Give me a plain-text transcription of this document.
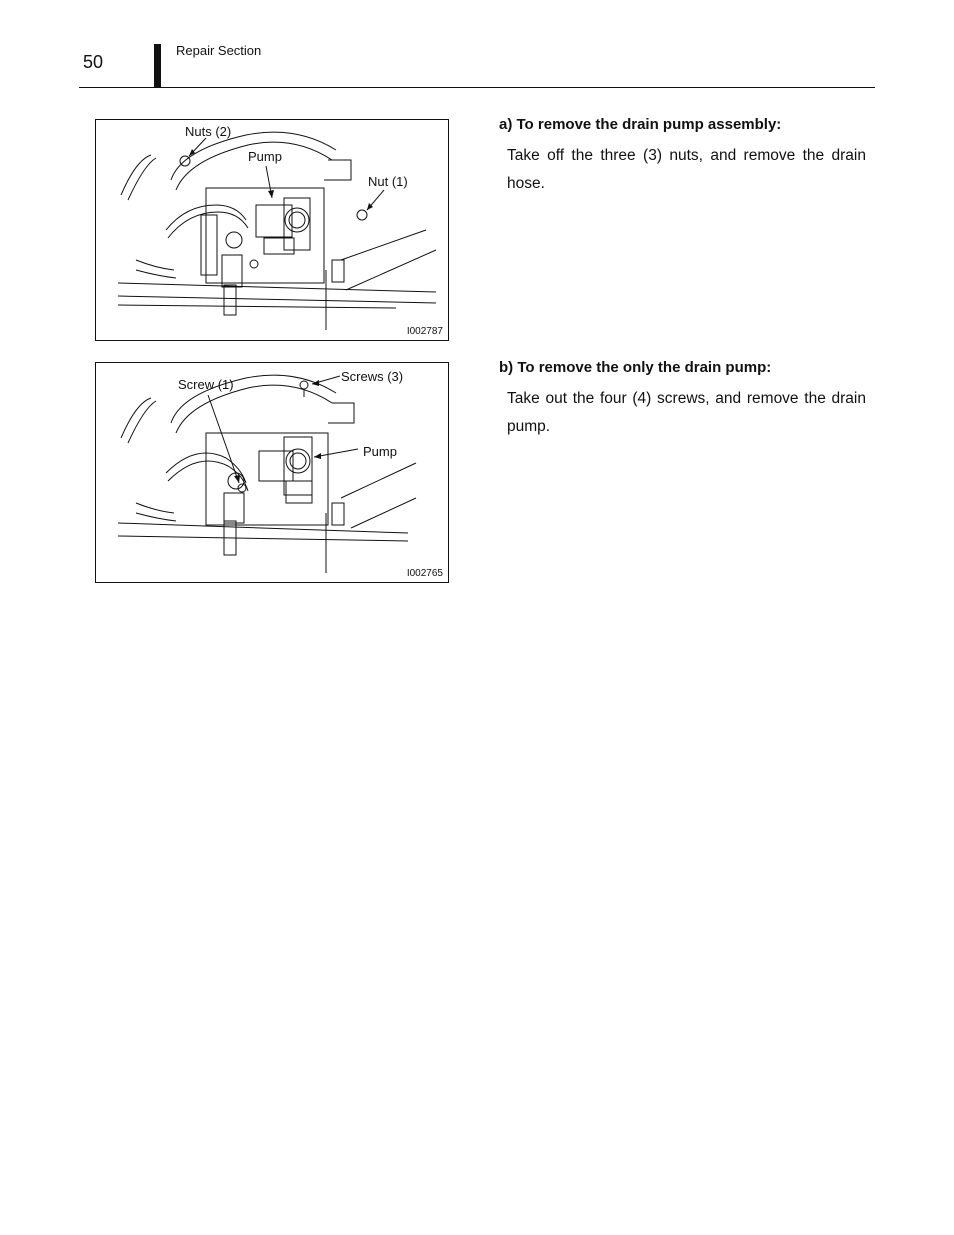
50
Repair Section
Nuts (2)
Pump
Nut (1)
I002787
Screw (1)
Screws (3)
Pump
I002765
a) To remove the drain pump assembly:
Take off the three (3) nuts, and remove the drain hose.
b) To remove the only the drain pump:
Take out the four (4) screws, and remove the drain pump.
